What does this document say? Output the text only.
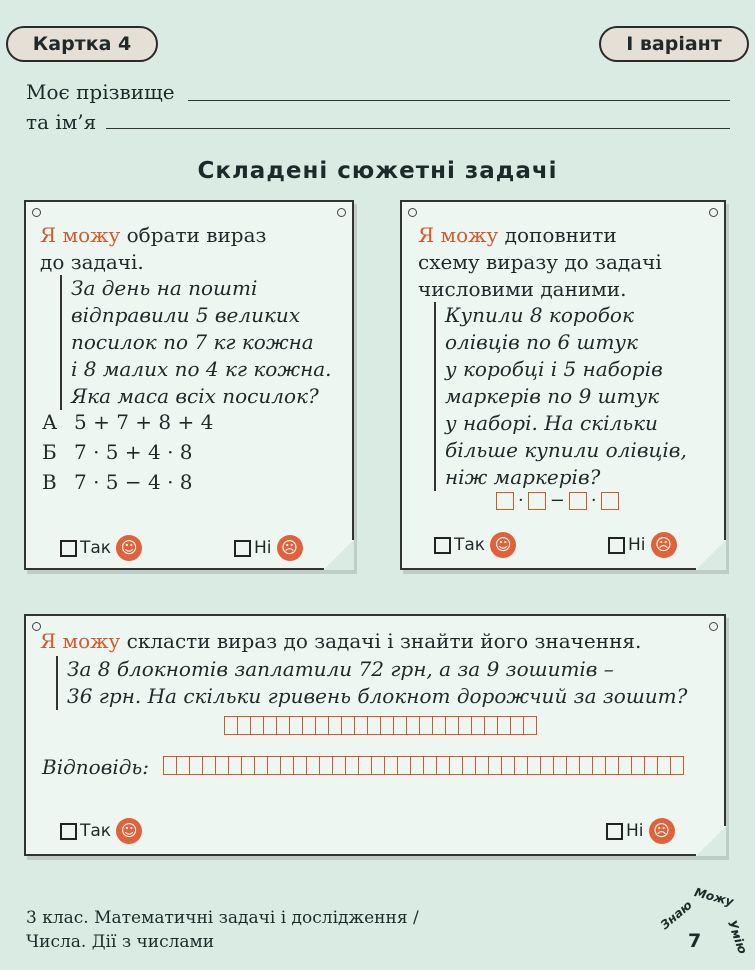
Картка 4	І варіант
Моє прізвище
та ім’я
Складені сюжетні задачі
Я можу обрати вираз
до задачі.
За день на пошті
відправили 5 великих
посилок по 7 кг кожна
і 8 малих по 4 кг кожна.
Яка маса всіх посилок?
А 5 + 7 + 8 + 4
Б 7 · 5 + 4 · 8
В 7 · 5 − 4 · 8
Так ☺	Ні ☹
Я можу доповнити
схему виразу до задачі
числовими даними.
Купили 8 коробок
олівців по 6 штук
у коробці і 5 наборів
маркерів по 9 штук
у наборі. На скільки
більше купили олівців,
ніж маркерів?
· − ·
Так ☺	Ні ☹
Я можу скласти вираз до задачі і знайти його значення.
За 8 блокнотів заплатили 72 грн, а за 9 зошитів –
36 грн. На скільки гривень блокнот дорожчий за зошит?
Відповідь:
Так ☺	Ні ☹
3 клас. Математичні задачі і дослідження /
Числа. Дії з числами
Знаю
Можу
Умію
7
